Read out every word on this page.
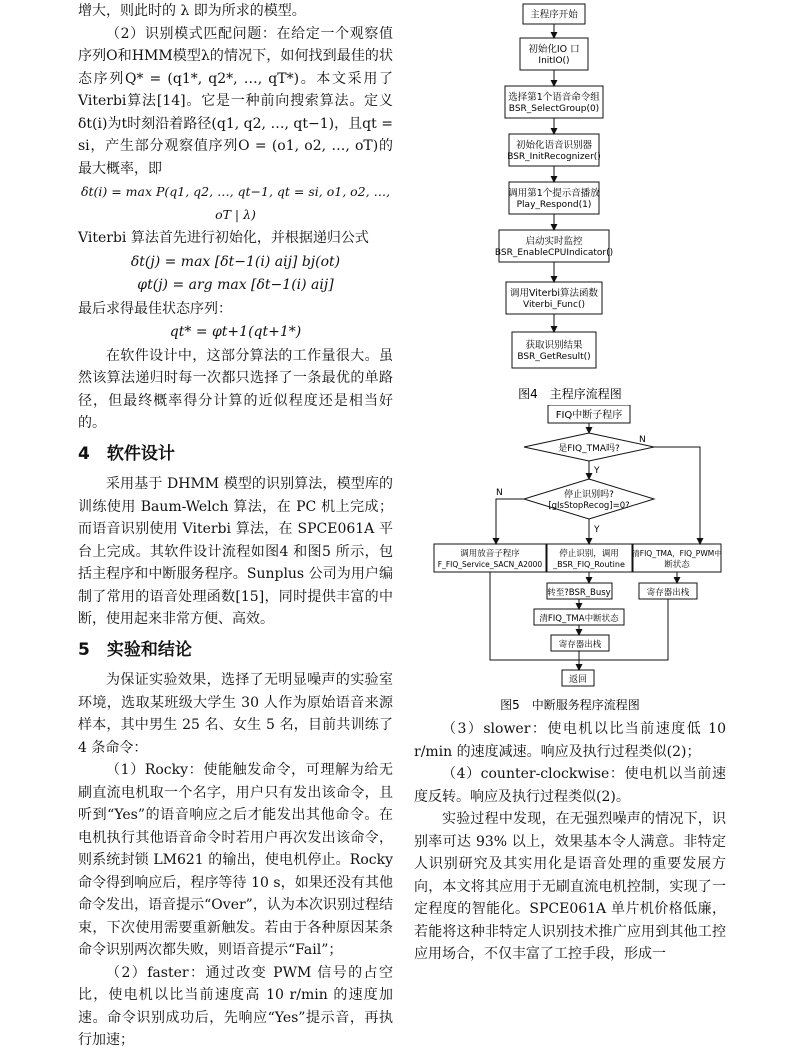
增大，则此时的 λ 即为所求的模型。

（2）识别模式匹配问题：在给定一个观察值序列O和HMM模型λ的情况下，如何找到最佳的状态序列Q* = (q1*, q2*, …, qT*)。本文采用了Viterbi算法[14]。它是一种前向搜索算法。定义δt(i)为t时刻沿着路径(q1, q2, …, qt−1)，且qt = si，产生部分观察值序列O = (o1, o2, …, oT)的最大概率，即

δt(i) = max P(q1, q2, …, qt−1, qt = si, o1, o2, …, oT | λ)

Viterbi 算法首先进行初始化，并根据递归公式

δt(j) = max [δt−1(i) aij] bj(ot)

φt(j) = arg max [δt−1(i) aij]

最后求得最佳状态序列：

qt* = φt+1(qt+1*)

在软件设计中，这部分算法的工作量很大。虽然该算法递归时每一次都只选择了一条最优的单路径，但最终概率得分计算的近似程度还是相当好的。

4　软件设计

采用基于 DHMM 模型的识别算法，模型库的训练使用 Baum-Welch 算法，在 PC 机上完成；而语音识别使用 Viterbi 算法，在 SPCE061A 平台上完成。其软件设计流程如图4 和图5 所示，包括主程序和中断服务程序。Sunplus 公司为用户编制了常用的语音处理函数[15]，同时提供丰富的中断，使用起来非常方便、高效。

5　实验和结论

为保证实验效果，选择了无明显噪声的实验室环境，选取某班级大学生 30 人作为原始语音来源样本，其中男生 25 名、女生 5 名，目前共训练了4 条命令：

（1）Rocky：使能触发命令，可理解为给无刷直流电机取一个名字，用户只有发出该命令，且听到“Yes”的语音响应之后才能发出其他命令。在电机执行其他语音命令时若用户再次发出该命令，则系统封锁 LM621 的输出，使电机停止。Rocky 命令得到响应后，程序等待 10 s，如果还没有其他命令发出，语音提示“Over”，认为本次识别过程结束，下次使用需要重新触发。若由于各种原因某条命令识别两次都失败，则语音提示“Fail”；

（2）faster：通过改变 PWM 信号的占空比，使电机以比当前速度高 10 r/min 的速度加速。命令识别成功后，先响应“Yes”提示音，再执行加速；

图4　主程序流程图
主程序开始
初始化IO 口
InitIO()
选择第1个语音命令组
BSR_SelectGroup(0)
初始化语音识别器
BSR_InitRecognizer()
调用第1个提示音播放
Play_Respond(1)
启动实时监控
BSR_EnableCPUIndicator()
调用Viterbi算法函数
Viterbi_Func()
获取识别结果
BSR_GetResult()
FIQ中断子程序
是FIQ_TMA吗?
N
Y
停止识别吗?
[gIsStopRecog]=0?
N
Y
调用放音子程序
F_FIQ_Service_SACN_A2000
停止识别，调用
_BSR_FIQ_Routine
清FIQ_TMA，FIQ_PWM中
断状态
转至?BSR_Busy	寄存器出栈
清FIQ_TMA中断状态
寄存器出栈
返回
图5　中断服务程序流程图

（3）slower：使电机以比当前速度低 10 r/min 的速度减速。响应及执行过程类似(2)；

（4）counter-clockwise：使电机以当前速度反转。响应及执行过程类似(2)。

实验过程中发现，在无强烈噪声的情况下，识别率可达 93% 以上，效果基本令人满意。非特定人识别研究及其实用化是语音处理的重要发展方向，本文将其应用于无刷直流电机控制，实现了一定程度的智能化。SPCE061A 单片机价格低廉，若能将这种非特定人识别技术推广应用到其他工控应用场合，不仅丰富了工控手段，形成一
